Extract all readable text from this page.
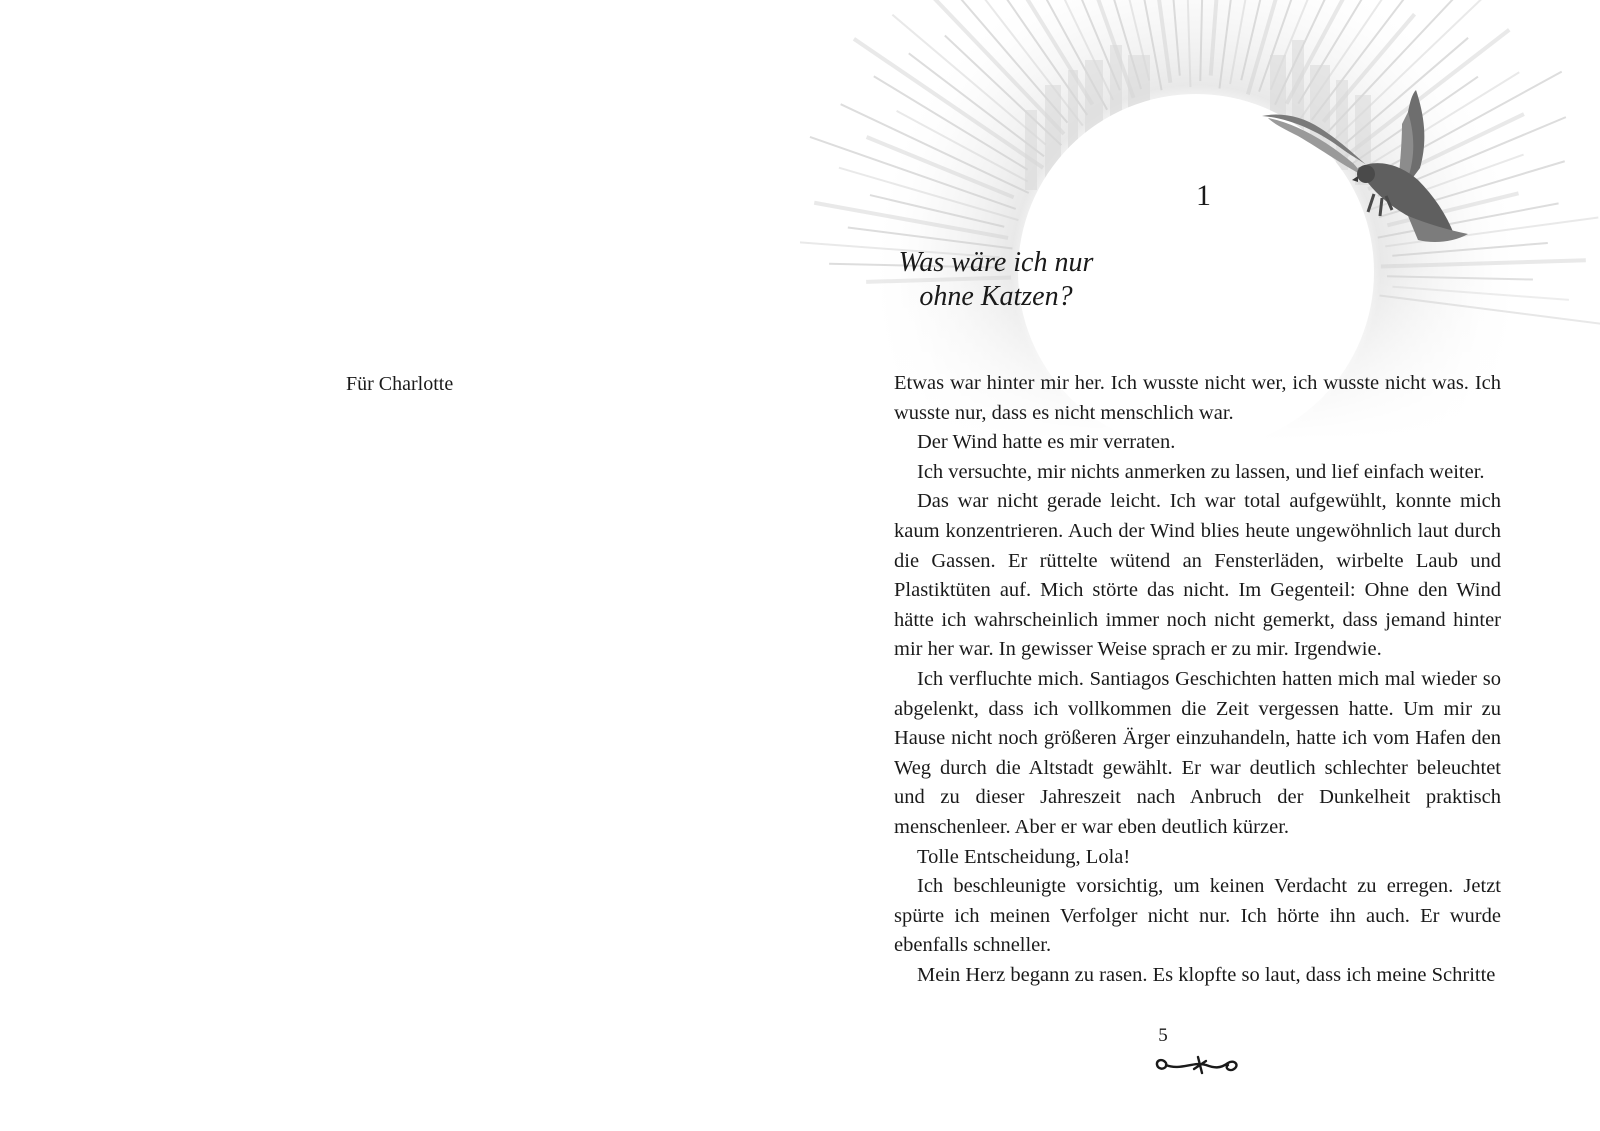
Für Charlotte
1
Was wäre ich nur
ohne Katzen?

Etwas war hinter mir her. Ich wusste nicht wer, ich wusste nicht was. Ich wusste nur, dass es nicht menschlich war.

Der Wind hatte es mir verraten.

Ich versuchte, mir nichts anmerken zu lassen, und lief einfach weiter.

Das war nicht gerade leicht. Ich war total aufgewühlt, konnte mich kaum konzentrieren. Auch der Wind blies heute ungewöhnlich laut durch die Gassen. Er rüttelte wütend an Fensterläden, wirbelte Laub und Plastiktüten auf. Mich störte das nicht. Im Gegenteil: Ohne den Wind hätte ich wahrscheinlich immer noch nicht gemerkt, dass jemand hinter mir her war. In gewisser Weise sprach er zu mir. Irgendwie.

Ich verfluchte mich. Santiagos Geschichten hatten mich mal wieder so abgelenkt, dass ich vollkommen die Zeit vergessen hatte. Um mir zu Hause nicht noch größeren Ärger einzuhandeln, hatte ich vom Hafen den Weg durch die Altstadt gewählt. Er war deutlich schlechter beleuchtet und zu dieser Jahreszeit nach Anbruch der Dunkelheit praktisch menschenleer. Aber er war eben deutlich kürzer.

Tolle Entscheidung, Lola!

Ich beschleunigte vorsichtig, um keinen Verdacht zu erregen. Jetzt spürte ich meinen Verfolger nicht nur. Ich hörte ihn auch. Er wurde ebenfalls schneller.

Mein Herz begann zu rasen. Es klopfte so laut, dass ich meine Schritte

5
